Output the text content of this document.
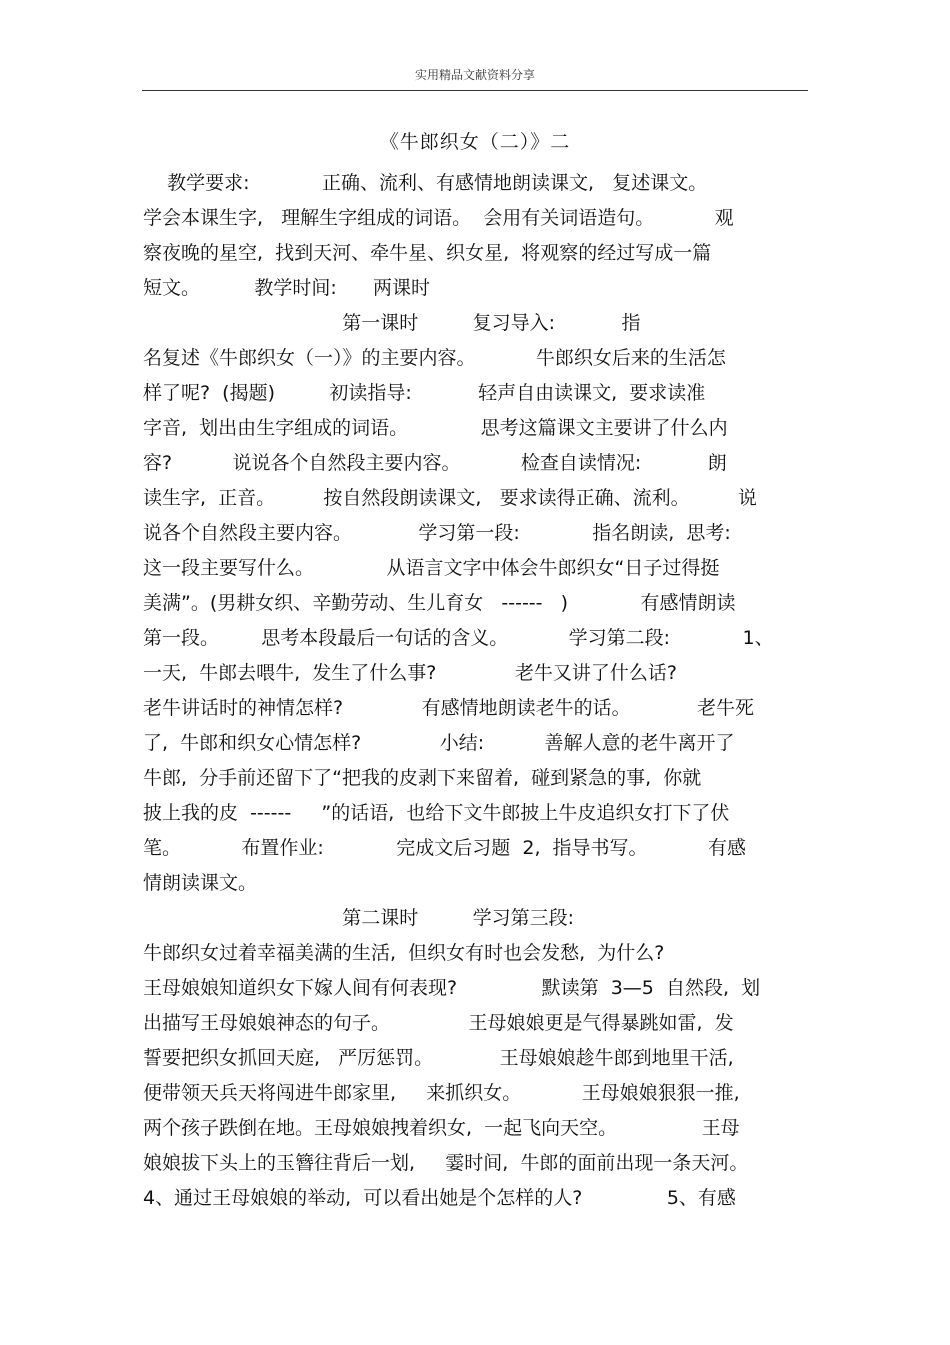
实用精品文献资料分享
《牛郎织女（二）》二
教学要求:            正确、流利、有感情地朗读课文,   复述课文。
学会本课生字,   理解生字组成的词语。  会用有关词语造句。          观
察夜晚的星空,  找到天河、牵牛星、织女星,  将观察的经过写成一篇
短文。         教学时间:      两课时
第一课时         复习导入:           指
名复述《牛郎织女（一）》的主要内容。          牛郎织女后来的生活怎
样了呢?  (揭题)         初读指导:           轻声自由读课文,  要求读准
字音,  划出由生字组成的词语。            思考这篇课文主要讲了什么内
容?          说说各个自然段主要内容。          检查自读情况:           朗
读生字,  正音。        按自然段朗读课文,   要求读得正确、流利。        说
说各个自然段主要内容。           学习第一段:            指名朗读,  思考:
这一段主要写什么。            从语言文字中体会牛郎织女“日子过得挺
美满”。(男耕女织、辛勤劳动、生儿育女   ------   )            有感情朗读
第一段。       思考本段最后一句话的含义。          学习第二段:            1、
一天,  牛郎去喂牛,  发生了什么事?             老牛又讲了什么话?
老牛讲话时的神情怎样?             有感情地朗读老牛的话。           老牛死
了,  牛郎和织女心情怎样?             小结:          善解人意的老牛离开了
牛郎,  分手前还留下了“把我的皮剥下来留着,  碰到紧急的事,  你就
披上我的皮  ------     ”的话语,  也给下文牛郎披上牛皮追织女打下了伏
笔。          布置作业:            完成文后习题  2,  指导书写。          有感
情朗读课文。
第二课时         学习第三段:
牛郎织女过着幸福美满的生活,  但织女有时也会发愁,  为什么?
王母娘娘知道织女下嫁人间有何表现?              默读第  3—5  自然段,  划
出描写王母娘娘神态的句子。             王母娘娘更是气得暴跳如雷,  发
誓要把织女抓回天庭,   严厉惩罚。           王母娘娘趁牛郎到地里干活,
便带领天兵天将闯进牛郎家里,     来抓织女。          王母娘娘狠狠一推,
两个孩子跌倒在地。王母娘娘拽着织女,  一起飞向天空。              王母
娘娘拔下头上的玉簪往背后一划,     霎时间,  牛郎的面前出现一条天河。
4、通过王母娘娘的举动,  可以看出她是个怎样的人?              5、有感
